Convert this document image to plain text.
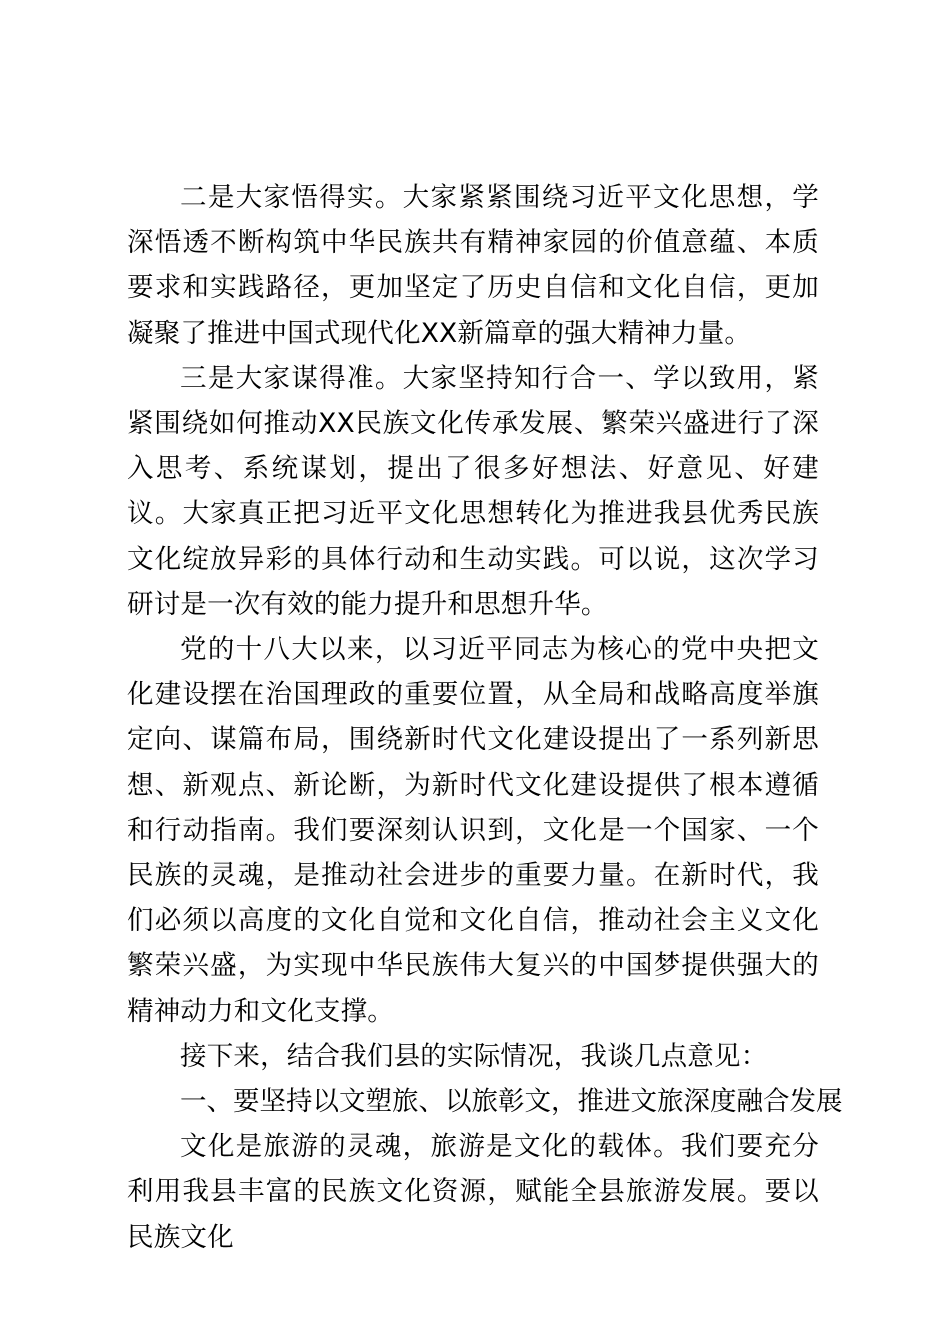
二是大家悟得实。大家紧紧围绕习近平文化思想，学深悟透不断构筑中华民族共有精神家园的价值意蕴、本质要求和实践路径，更加坚定了历史自信和文化自信，更加凝聚了推进中国式现代化XX新篇章的强大精神力量。

三是大家谋得准。大家坚持知行合一、学以致用，紧紧围绕如何推动XX民族文化传承发展、繁荣兴盛进行了深入思考、系统谋划，提出了很多好想法、好意见、好建议。大家真正把习近平文化思想转化为推进我县优秀民族文化绽放异彩的具体行动和生动实践。可以说，这次学习研讨是一次有效的能力提升和思想升华。

党的十八大以来，以习近平同志为核心的党中央把文化建设摆在治国理政的重要位置，从全局和战略高度举旗定向、谋篇布局，围绕新时代文化建设提出了一系列新思想、新观点、新论断，为新时代文化建设提供了根本遵循和行动指南。我们要深刻认识到，文化是一个国家、一个民族的灵魂，是推动社会进步的重要力量。在新时代，我们必须以高度的文化自觉和文化自信，推动社会主义文化繁荣兴盛，为实现中华民族伟大复兴的中国梦提供强大的精神动力和文化支撑。

接下来，结合我们县的实际情况，我谈几点意见：

一、要坚持以文塑旅、以旅彰文，推进文旅深度融合发展

文化是旅游的灵魂，旅游是文化的载体。我们要充分利用我县丰富的民族文化资源，赋能全县旅游发展。要以民族文化
